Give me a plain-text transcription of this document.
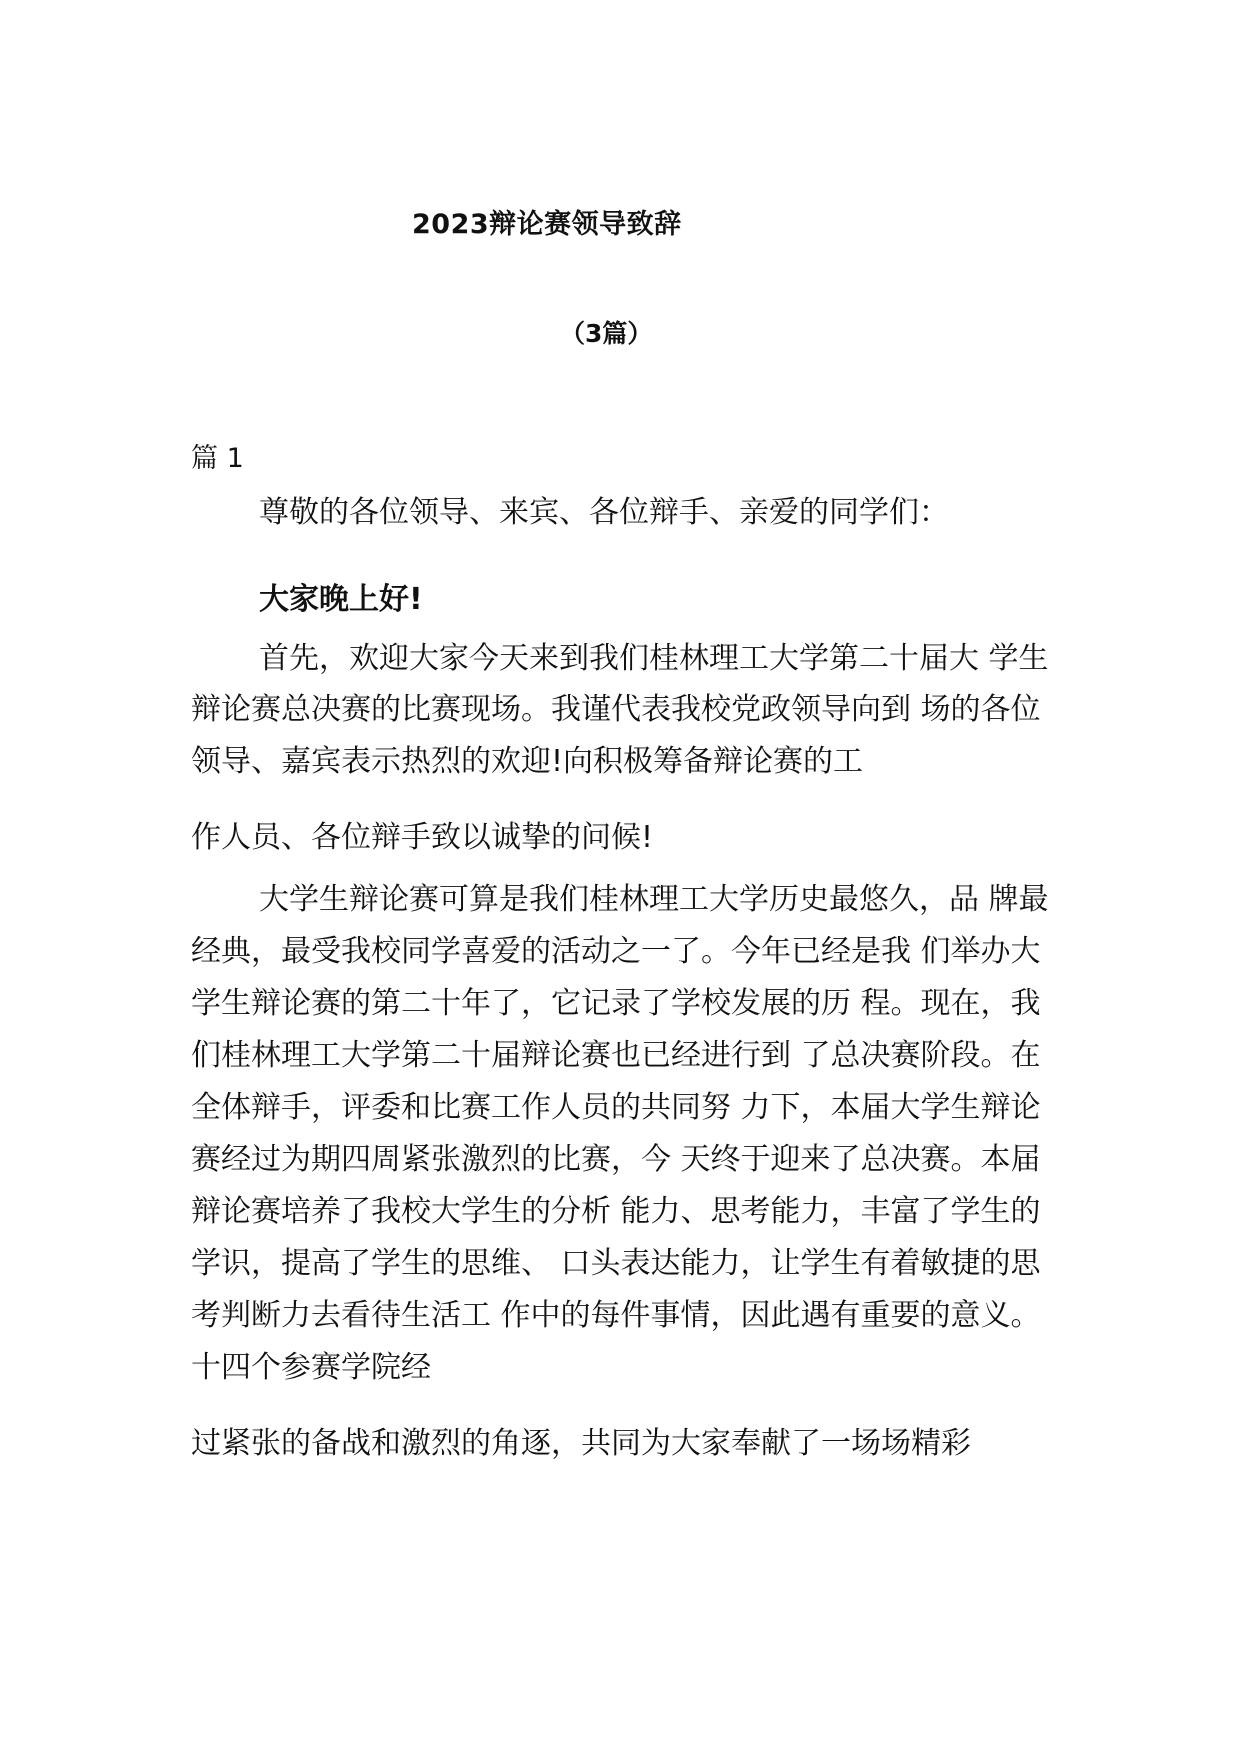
2023辩论赛领导致辞
（3篇）
篇 1
尊敬的各位领导、来宾、各位辩手、亲爱的同学们：
大家晚上好!
首先，欢迎大家今天来到我们桂林理工大学第二十届大 学生
辩论赛总决赛的比赛现场。我谨代表我校党政领导向到 场的各位
领导、嘉宾表示热烈的欢迎!向积极筹备辩论赛的工
作人员、各位辩手致以诚挚的问候!
大学生辩论赛可算是我们桂林理工大学历史最悠久，品 牌最
经典，最受我校同学喜爱的活动之一了。今年已经是我 们举办大
学生辩论赛的第二十年了，它记录了学校发展的历 程。现在，我
们桂林理工大学第二十届辩论赛也已经进行到 了总决赛阶段。在
全体辩手，评委和比赛工作人员的共同努 力下，本届大学生辩论
赛经过为期四周紧张激烈的比赛，今 天终于迎来了总决赛。本届
辩论赛培养了我校大学生的分析 能力、思考能力，丰富了学生的
学识，提高了学生的思维、 口头表达能力，让学生有着敏捷的思
考判断力去看待生活工 作中的每件事情，因此遇有重要的意义。
十四个参赛学院经
过紧张的备战和激烈的角逐，共同为大家奉献了一场场精彩
